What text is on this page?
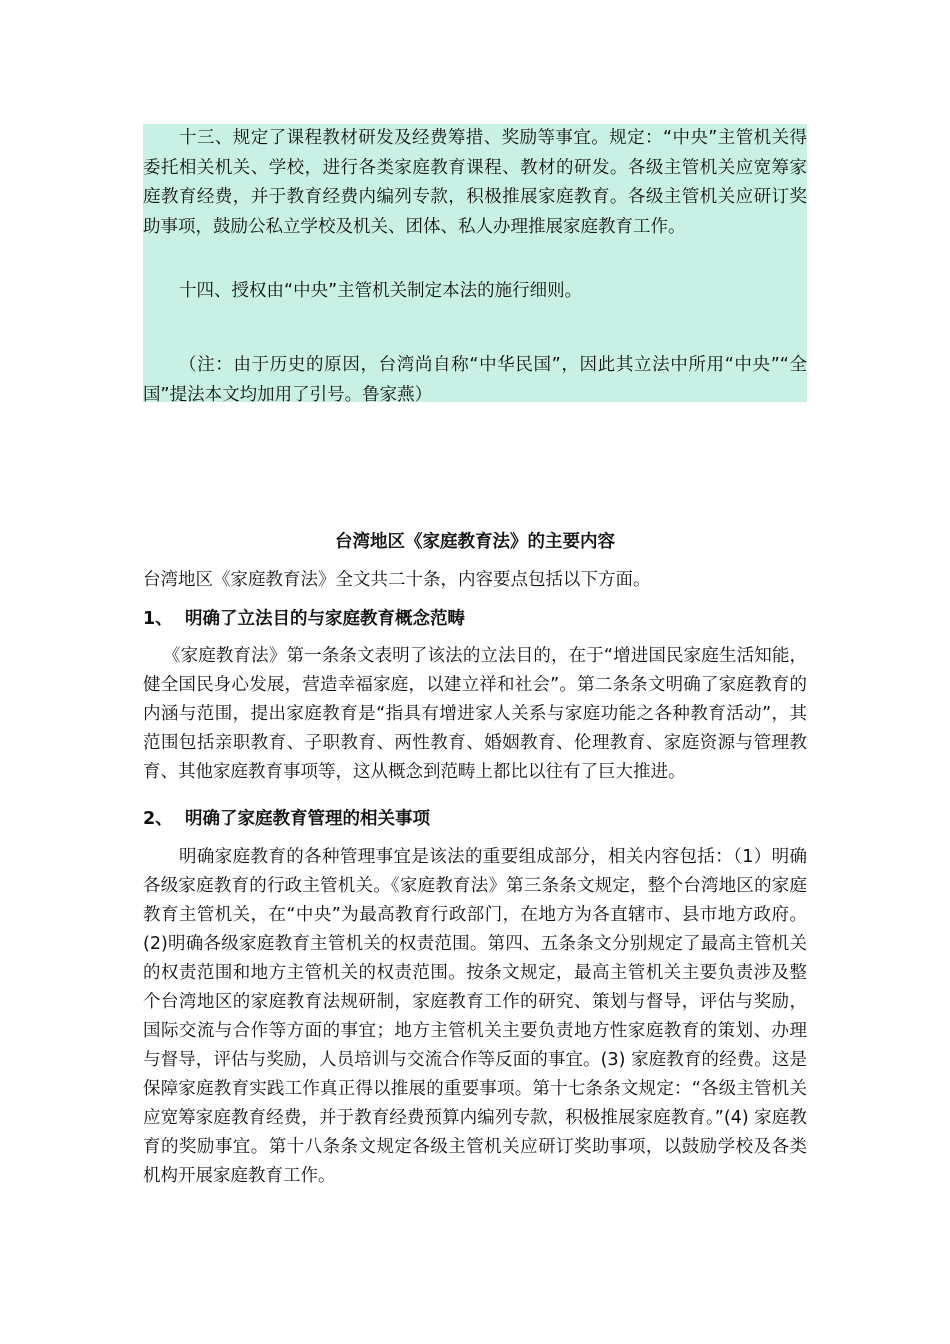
十三、规定了课程教材研发及经费筹措、奖励等事宜。规定：“中央”主管机关得委托相关机关、学校，进行各类家庭教育课程、教材的研发。各级主管机关应宽筹家庭教育经费，并于教育经费内编列专款，积极推展家庭教育。各级主管机关应研订奖助事项，鼓励公私立学校及机关、团体、私人办理推展家庭教育工作。

十四、授权由“中央”主管机关制定本法的施行细则。

（注：由于历史的原因，台湾尚自称“中华民国”，因此其立法中所用“中央”“全国”提法本文均加用了引号。鲁家燕）

台湾地区《家庭教育法》的主要内容

台湾地区《家庭教育法》全文共二十条，内容要点包括以下方面。

1、 明确了立法目的与家庭教育概念范畴

《家庭教育法》第一条条文表明了该法的立法目的，在于“增进国民家庭生活知能，健全国民身心发展，营造幸福家庭，以建立祥和社会”。第二条条文明确了家庭教育的内涵与范围，提出家庭教育是“指具有增进家人关系与家庭功能之各种教育活动”，其范围包括亲职教育、子职教育、两性教育、婚姻教育、伦理教育、家庭资源与管理教育、其他家庭教育事项等，这从概念到范畴上都比以往有了巨大推进。

2、 明确了家庭教育管理的相关事项

明确家庭教育的各种管理事宜是该法的重要组成部分，相关内容包括：（1）明确各级家庭教育的行政主管机关。《家庭教育法》第三条条文规定，整个台湾地区的家庭教育主管机关，在“中央”为最高教育行政部门，在地方为各直辖市、县市地方政府。(2)明确各级家庭教育主管机关的权责范围。第四、五条条文分别规定了最高主管机关的权责范围和地方主管机关的权责范围。按条文规定，最高主管机关主要负责涉及整个台湾地区的家庭教育法规研制，家庭教育工作的研究、策划与督导，评估与奖励，国际交流与合作等方面的事宜；地方主管机关主要负责地方性家庭教育的策划、办理与督导，评估与奖励，人员培训与交流合作等反面的事宜。(3) 家庭教育的经费。这是保障家庭教育实践工作真正得以推展的重要事项。第十七条条文规定：“各级主管机关应宽筹家庭教育经费，并于教育经费预算内编列专款，积极推展家庭教育。”(4) 家庭教育的奖励事宜。第十八条条文规定各级主管机关应研订奖助事项，以鼓励学校及各类机构开展家庭教育工作。
